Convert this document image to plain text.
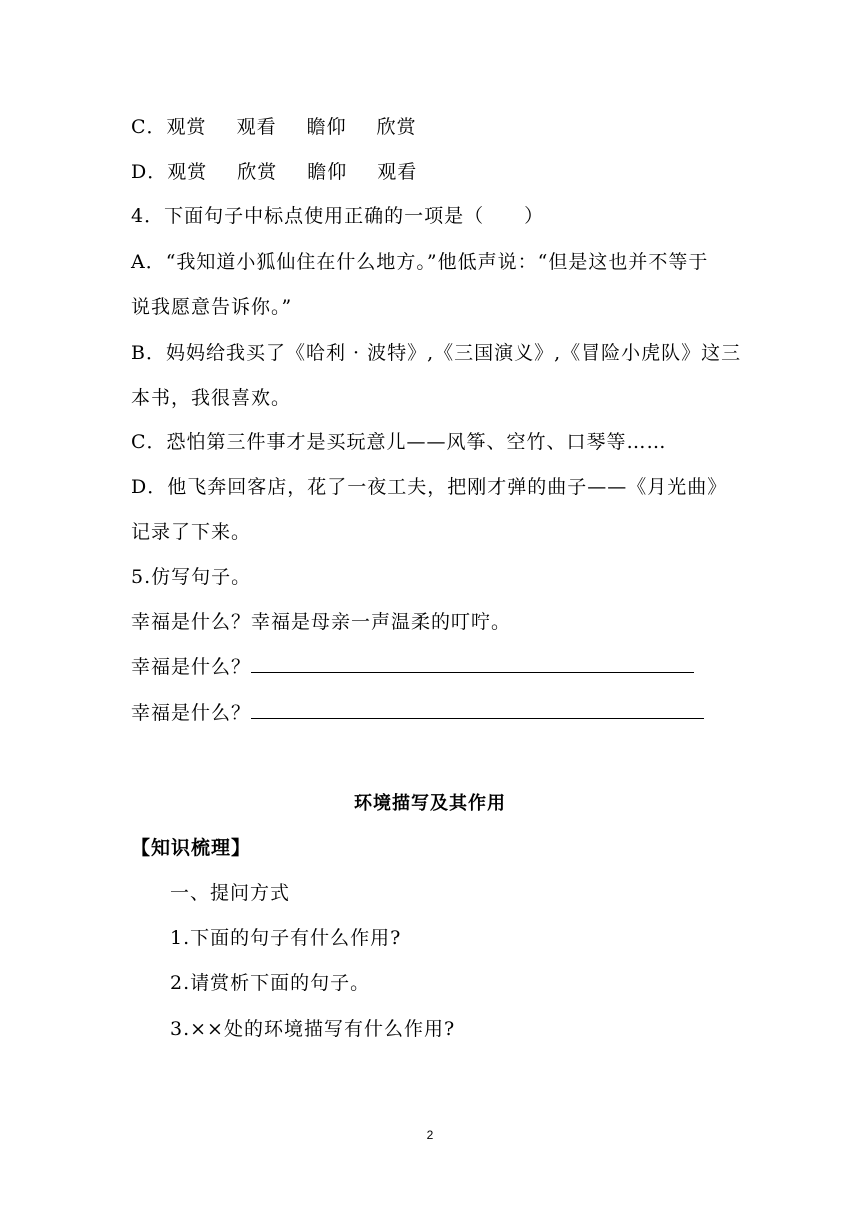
C．观赏 观看 瞻仰 欣赏
D．观赏 欣赏 瞻仰 观看
4．下面句子中标点使用正确的一项是（　　）
A．“我知道小狐仙住在什么地方。”他低声说：“但是这也并不等于
说我愿意告诉你。”
B．妈妈给我买了《哈利 · 波特》,《三国演义》,《冒险小虎队》这三
本书，我很喜欢。
C．恐怕第三件事才是买玩意儿——风筝、空竹、口琴等……
D．他飞奔回客店，花了一夜工夫，把刚才弹的曲子——《月光曲》
记录了下来。
5.仿写句子。
幸福是什么？幸福是母亲一声温柔的叮咛。
幸福是什么？
幸福是什么？
环境描写及其作用
【知识梳理】
一、提问方式
1.下面的句子有什么作用?
2.请赏析下面的句子。
3.××处的环境描写有什么作用?
2
